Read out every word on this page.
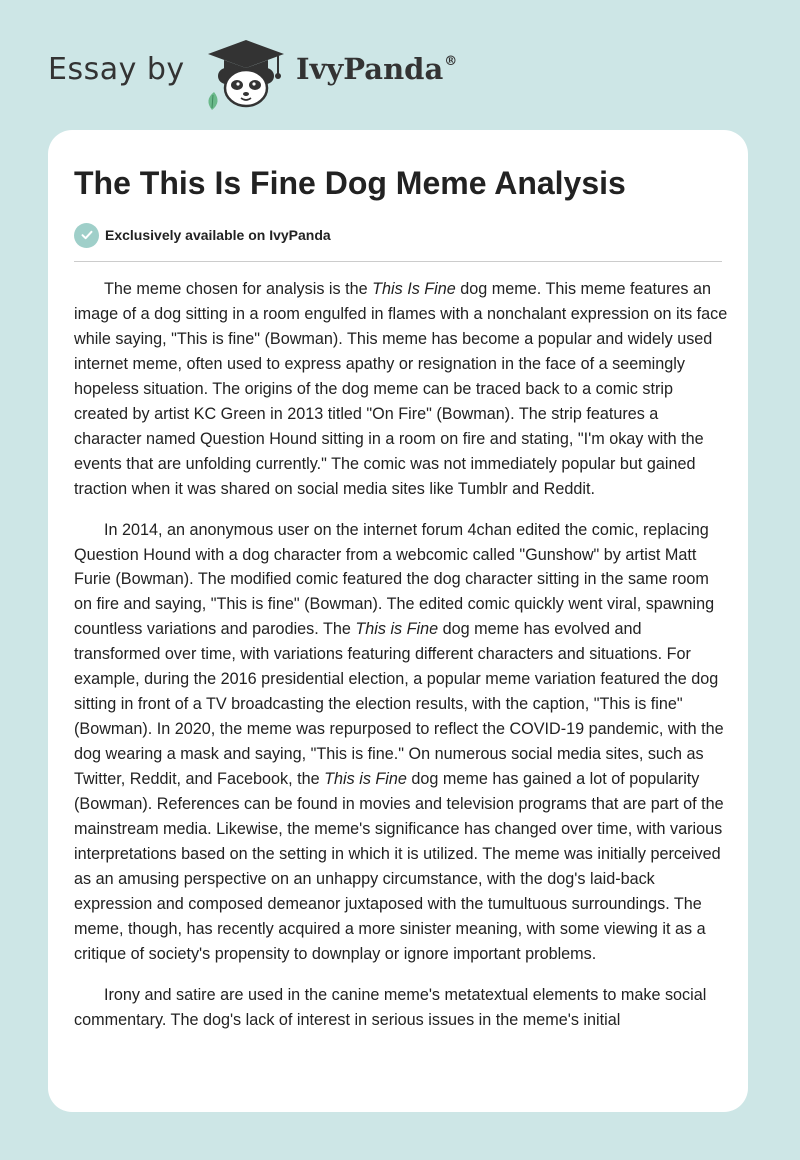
Essay by	IvyPanda®
The This Is Fine Dog Meme Analysis
Exclusively available on IvyPanda

The meme chosen for analysis is the This Is Fine dog meme. This meme features an image of a dog sitting in a room engulfed in flames with a nonchalant expression on its face while saying, "This is fine" (Bowman). This meme has become a popular and widely used internet meme, often used to express apathy or resignation in the face of a seemingly hopeless situation. The origins of the dog meme can be traced back to a comic strip created by artist KC Green in 2013 titled "On Fire" (Bowman). The strip features a character named Question Hound sitting in a room on fire and stating, "I'm okay with the events that are unfolding currently." The comic was not immediately popular but gained traction when it was shared on social media sites like Tumblr and Reddit.

In 2014, an anonymous user on the internet forum 4chan edited the comic, replacing Question Hound with a dog character from a webcomic called "Gunshow" by artist Matt Furie (Bowman). The modified comic featured the dog character sitting in the same room on fire and saying, "This is fine" (Bowman). The edited comic quickly went viral, spawning countless variations and parodies. The This is Fine dog meme has evolved and transformed over time, with variations featuring different characters and situations. For example, during the 2016 presidential election, a popular meme variation featured the dog sitting in front of a TV broadcasting the election results, with the caption, "This is fine" (Bowman). In 2020, the meme was repurposed to reflect the COVID-19 pandemic, with the dog wearing a mask and saying, "This is fine." On numerous social media sites, such as Twitter, Reddit, and Facebook, the This is Fine dog meme has gained a lot of popularity (Bowman). References can be found in movies and television programs that are part of the mainstream media. Likewise, the meme's significance has changed over time, with various interpretations based on the setting in which it is utilized. The meme was initially perceived as an amusing perspective on an unhappy circumstance, with the dog's laid-back expression and composed demeanor juxtaposed with the tumultuous surroundings. The meme, though, has recently acquired a more sinister meaning, with some viewing it as a critique of society's propensity to downplay or ignore important problems.

Irony and satire are used in the canine meme's metatextual elements to make social commentary. The dog's lack of interest in serious issues in the meme's initial
